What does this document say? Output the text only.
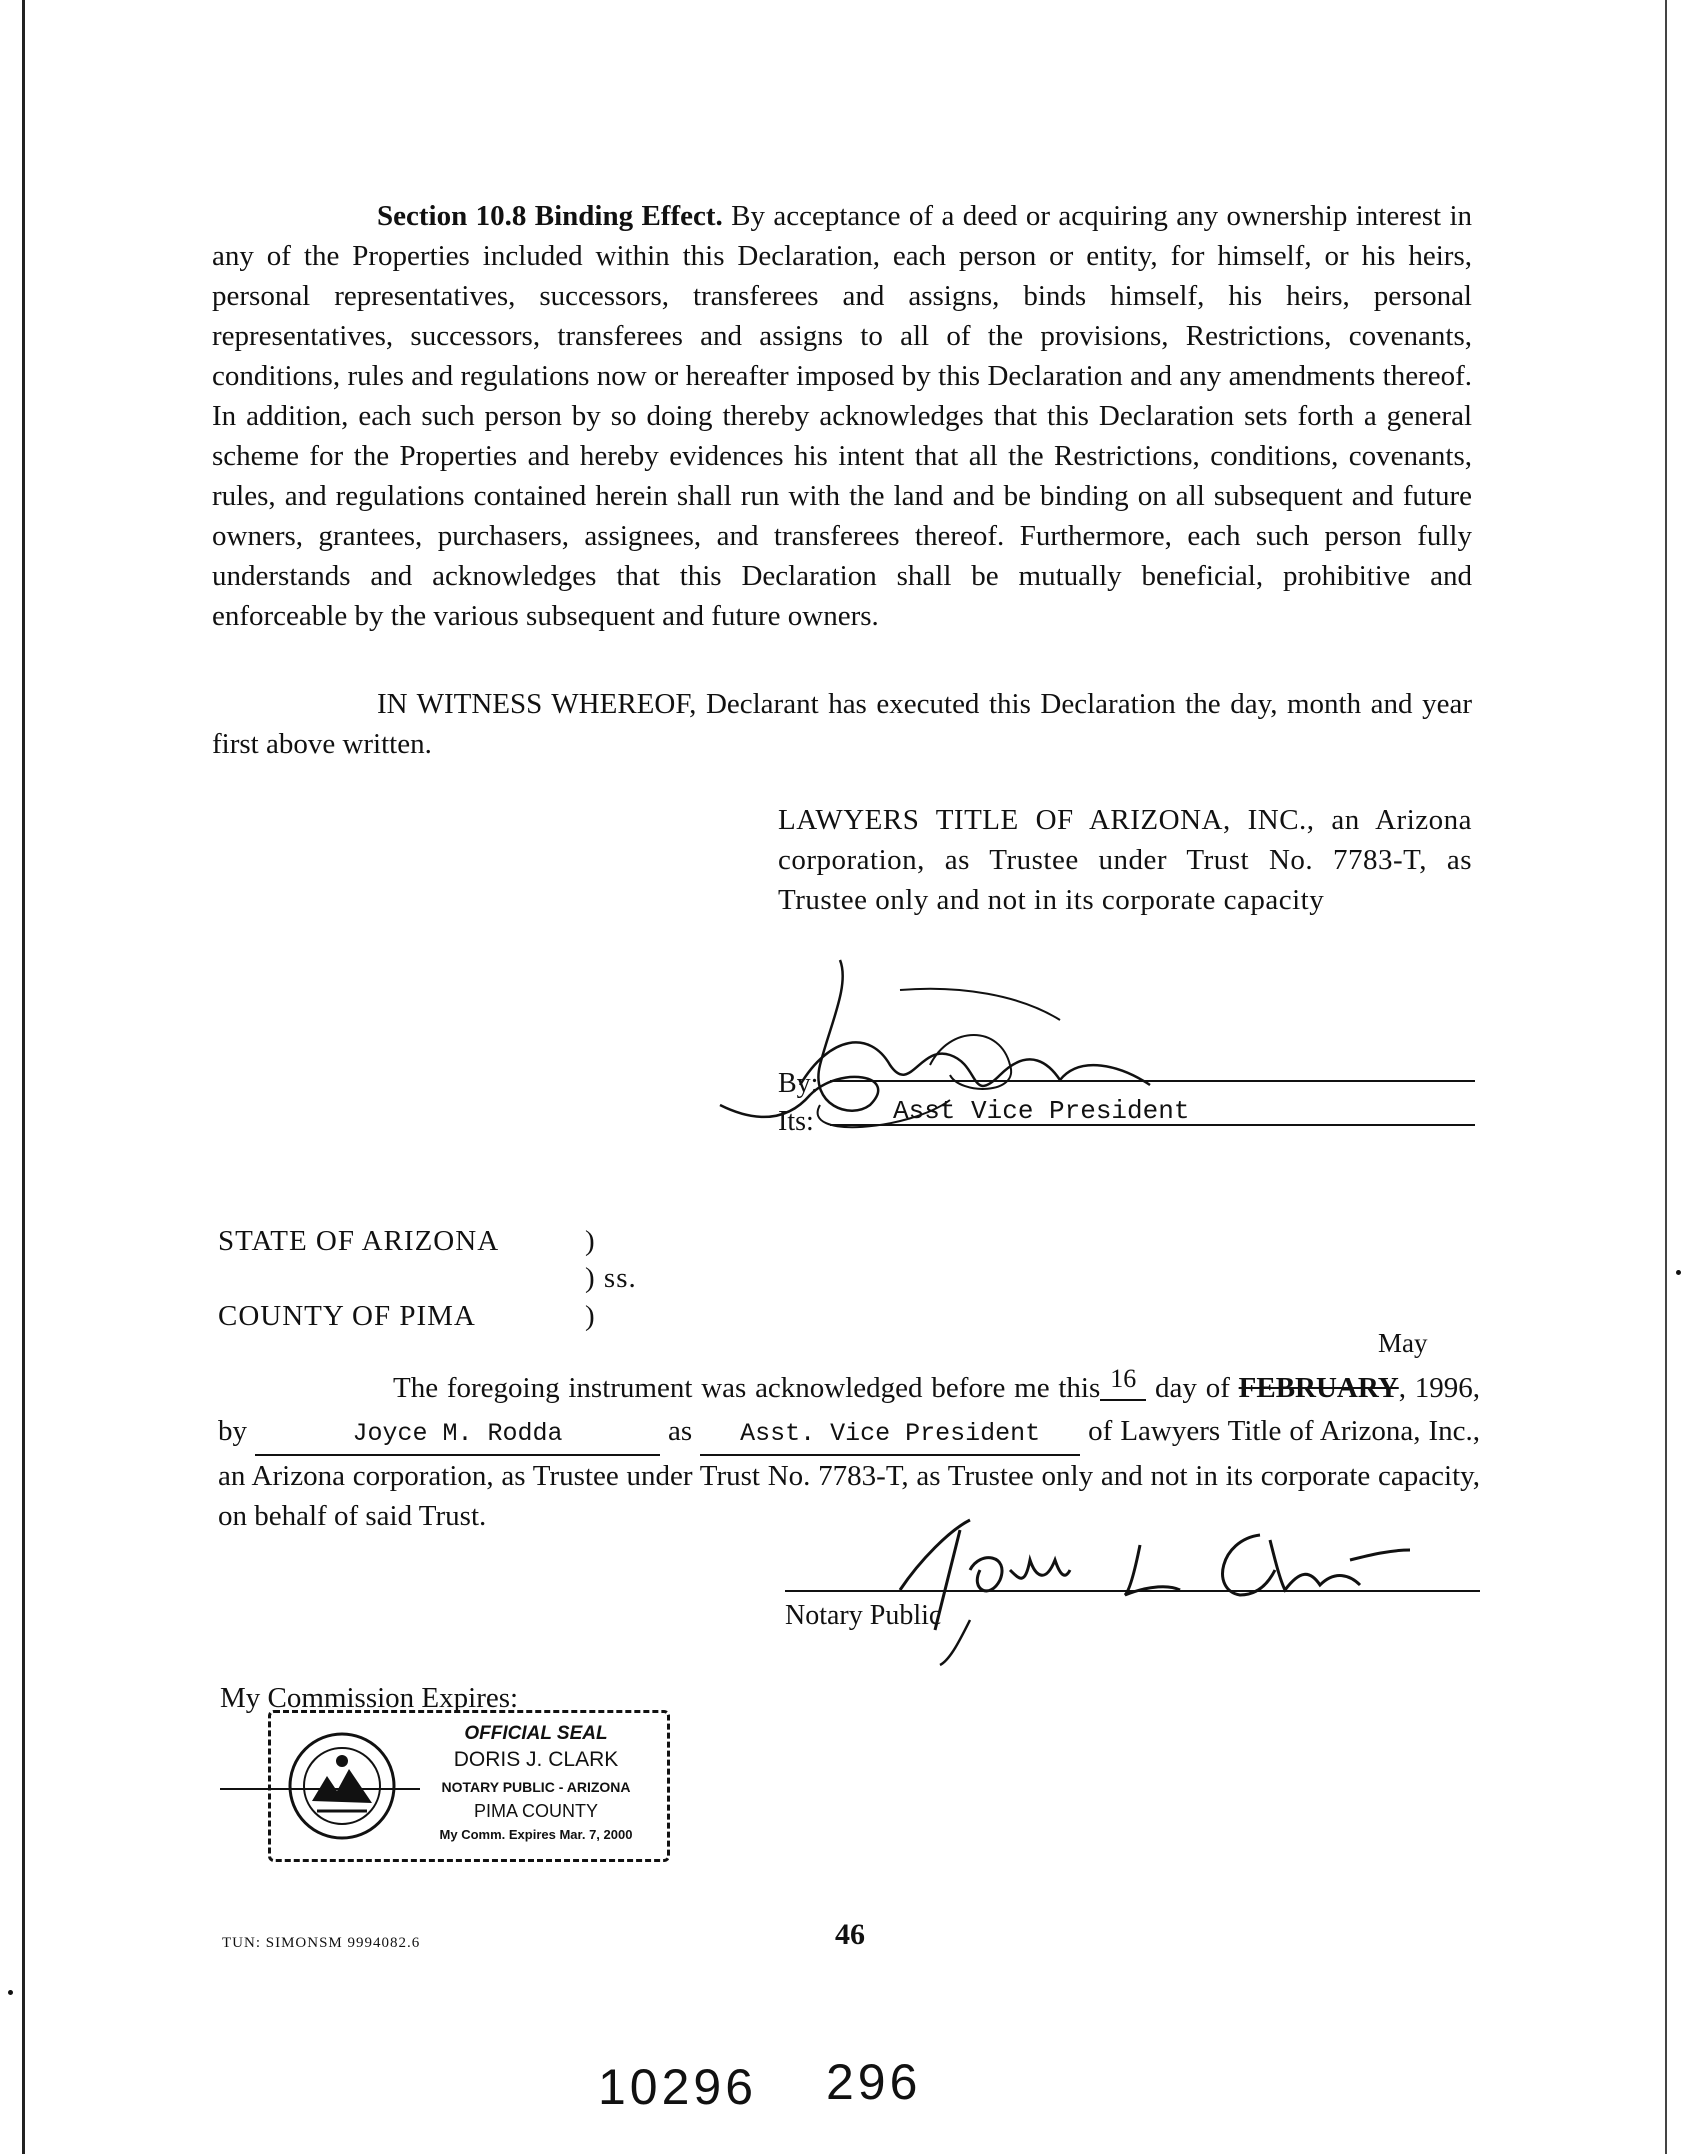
Section 10.8 Binding Effect. By acceptance of a deed or acquiring any ownership interest in any of the Properties included within this Declaration, each person or entity, for himself, or his heirs, personal representatives, successors, transferees and assigns, binds himself, his heirs, personal representatives, successors, transferees and assigns to all of the provisions, Restrictions, covenants, conditions, rules and regulations now or hereafter imposed by this Declaration and any amendments thereof. In addition, each such person by so doing thereby acknowledges that this Declaration sets forth a general scheme for the Properties and hereby evidences his intent that all the Restrictions, conditions, covenants, rules, and regulations contained herein shall run with the land and be binding on all subsequent and future owners, grantees, purchasers, assignees, and transferees thereof. Furthermore, each such person fully understands and acknowledges that this Declaration shall be mutually beneficial, prohibitive and enforceable by the various subsequent and future owners.
IN WITNESS WHEREOF, Declarant has executed this Declaration the day, month and year first above written.
LAWYERS TITLE OF ARIZONA, INC., an Arizona corporation, as Trustee under Trust No. 7783-T, as Trustee only and not in its corporate capacity
By:
Its:	Asst Vice President
STATE OF ARIZONA	)
) ss.
COUNTY OF PIMA	)
May
The foregoing instrument was acknowledged before me this 16 day of FEBRUARY, 1996, by	Joyce M. Rodda	as Asst. Vice President of Lawyers Title of Arizona, Inc., an Arizona corporation, as Trustee under Trust No. 7783-T, as Trustee only and not in its corporate capacity, on behalf of said Trust.
Notary Public
My Commission Expires:
OFFICIAL SEAL
DORIS J. CLARK
NOTARY PUBLIC - ARIZONA
PIMA COUNTY
My Comm. Expires Mar. 7, 2000
TUN: SIMONSM 9994082.6	46
10296 296
